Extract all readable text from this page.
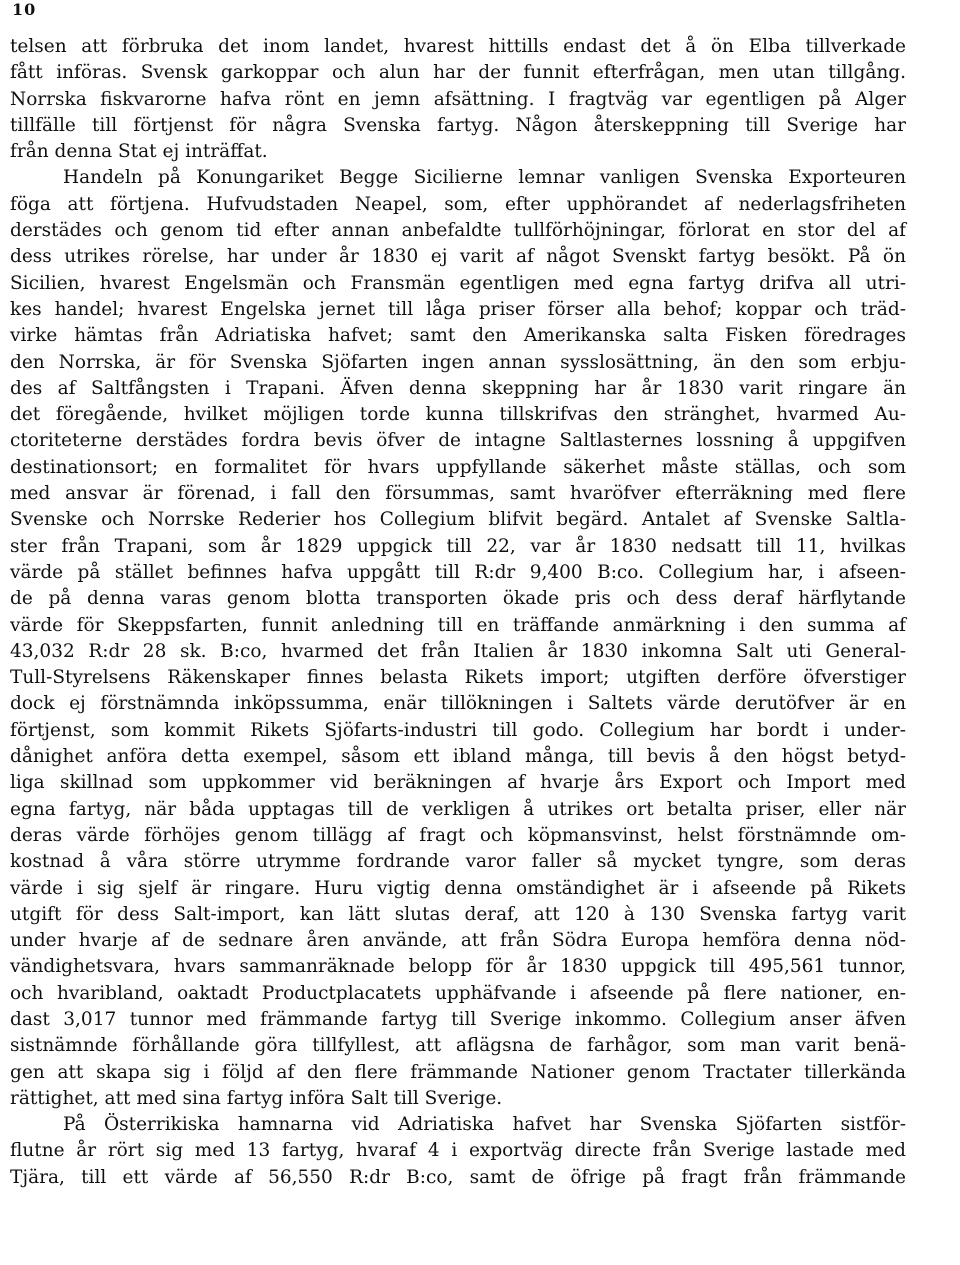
10
telsen att förbruka det inom landet, hvarest hittills endast det å ön Elba tillverkade
fått införas. Svensk garkoppar och alun har der funnit efterfrågan, men utan tillgång.
Norrska fiskvarorne hafva rönt en jemn afsättning. I fragtväg var egentligen på Alger
tillfälle till förtjenst för några Svenska fartyg. Någon återskeppning till Sverige har
från denna Stat ej inträffat.
Handeln på Konungariket Begge Sicilierne lemnar vanligen Svenska Exporteuren
föga att förtjena. Hufvudstaden Neapel, som, efter upphörandet af nederlagsfriheten
derstädes och genom tid efter annan anbefaldte tullförhöjningar, förlorat en stor del af
dess utrikes rörelse, har under år 1830 ej varit af något Svenskt fartyg besökt. På ön
Sicilien, hvarest Engelsmän och Fransmän egentligen med egna fartyg drifva all utri-
kes handel; hvarest Engelska jernet till låga priser förser alla behof; koppar och träd-
virke hämtas från Adriatiska hafvet; samt den Amerikanska salta Fisken föredrages
den Norrska, är för Svenska Sjöfarten ingen annan sysslosättning, än den som erbju-
des af Saltfångsten i Trapani. Äfven denna skeppning har år 1830 varit ringare än
det föregående, hvilket möjligen torde kunna tillskrifvas den stränghet, hvarmed Au-
ctoriteterne derstädes fordra bevis öfver de intagne Saltlasternes lossning å uppgifven
destinationsort; en formalitet för hvars uppfyllande säkerhet måste ställas, och som
med ansvar är förenad, i fall den försummas, samt hvaröfver efterräkning med flere
Svenske och Norrske Rederier hos Collegium blifvit begärd. Antalet af Svenske Saltla-
ster från Trapani, som år 1829 uppgick till 22, var år 1830 nedsatt till 11, hvilkas
värde på stället befinnes hafva uppgått till R:dr 9,400 B:co. Collegium har, i afseen-
de på denna varas genom blotta transporten ökade pris och dess deraf härflytande
värde för Skeppsfarten, funnit anledning till en träffande anmärkning i den summa af
43,032 R:dr 28 sk. B:co, hvarmed det från Italien år 1830 inkomna Salt uti General-
Tull-Styrelsens Räkenskaper finnes belasta Rikets import; utgiften derföre öfverstiger
dock ej förstnämnda inköpssumma, enär tillökningen i Saltets värde derutöfver är en
förtjenst, som kommit Rikets Sjöfarts-industri till godo. Collegium har bordt i under-
dånighet anföra detta exempel, såsom ett ibland många, till bevis å den högst betyd-
liga skillnad som uppkommer vid beräkningen af hvarje års Export och Import med
egna fartyg, när båda upptagas till de verkligen å utrikes ort betalta priser, eller när
deras värde förhöjes genom tillägg af fragt och köpmansvinst, helst förstnämnde om-
kostnad å våra större utrymme fordrande varor faller så mycket tyngre, som deras
värde i sig sjelf är ringare. Huru vigtig denna omständighet är i afseende på Rikets
utgift för dess Salt-import, kan lätt slutas deraf, att 120 à 130 Svenska fartyg varit
under hvarje af de sednare åren använde, att från Södra Europa hemföra denna nöd-
vändighetsvara, hvars sammanräknade belopp för år 1830 uppgick till 495,561 tunnor,
och hvaribland, oaktadt Productplacatets upphäfvande i afseende på flere nationer, en-
dast 3,017 tunnor med främmande fartyg till Sverige inkommo. Collegium anser äfven
sistnämnde förhållande göra tillfyllest, att aflägsna de farhågor, som man varit benä-
gen att skapa sig i följd af den flere främmande Nationer genom Tractater tillerkända
rättighet, att med sina fartyg införa Salt till Sverige.
På Österrikiska hamnarna vid Adriatiska hafvet har Svenska Sjöfarten sistför-
flutne år rört sig med 13 fartyg, hvaraf 4 i exportväg directe från Sverige lastade med
Tjära, till ett värde af 56,550 R:dr B:co, samt de öfrige på fragt från främmande
